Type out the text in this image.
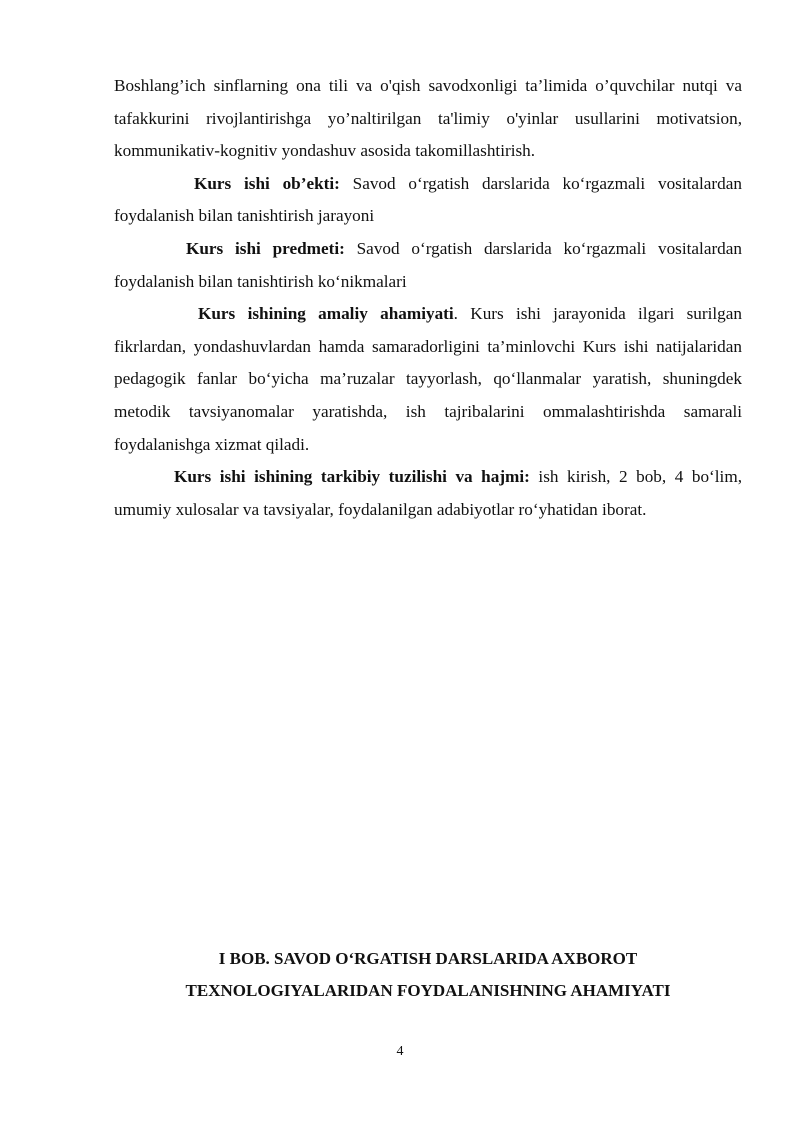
Boshlang’ich sinflarning ona tili va o'qish savodxonligi ta’limida o’quvchilar nutqi va tafakkurini rivojlantirishga yo’naltirilgan ta'limiy o'yinlar usullarini motivatsion, kommunikativ-kognitiv yondashuv asosida takomillashtirish.

Kurs ishi ob’ekti: Savod o‘rgatish darslarida ko‘rgazmali vositalardan foydalanish bilan tanishtirish jarayoni

Kurs ishi predmeti: Savod o‘rgatish darslarida ko‘rgazmali vositalardan foydalanish bilan tanishtirish ko‘nikmalari

Kurs ishining amaliy ahamiyati. Kurs ishi jarayonida ilgari surilgan fikrlardan, yondashuvlardan hamda samaradorligini ta’minlovchi Kurs ishi natijalaridan pedagogik fanlar bo‘yicha ma’ruzalar tayyorlash, qo‘llanmalar yaratish, shuningdek metodik tavsiyanomalar yaratishda, ish tajribalarini ommalashtirishda samarali foydalanishga xizmat qiladi.

Kurs ishi ishining tarkibiy tuzilishi va hajmi: ish kirish, 2 bob, 4 bo‘lim, umumiy xulosalar va tavsiyalar, foydalanilgan adabiyotlar ro‘yhatidan iborat.

I BOB. SAVOD O‘RGATISH DARSLARIDA AXBOROT
TEXNOLOGIYALARIDAN FOYDALANISHNING AHAMIYATI
4
